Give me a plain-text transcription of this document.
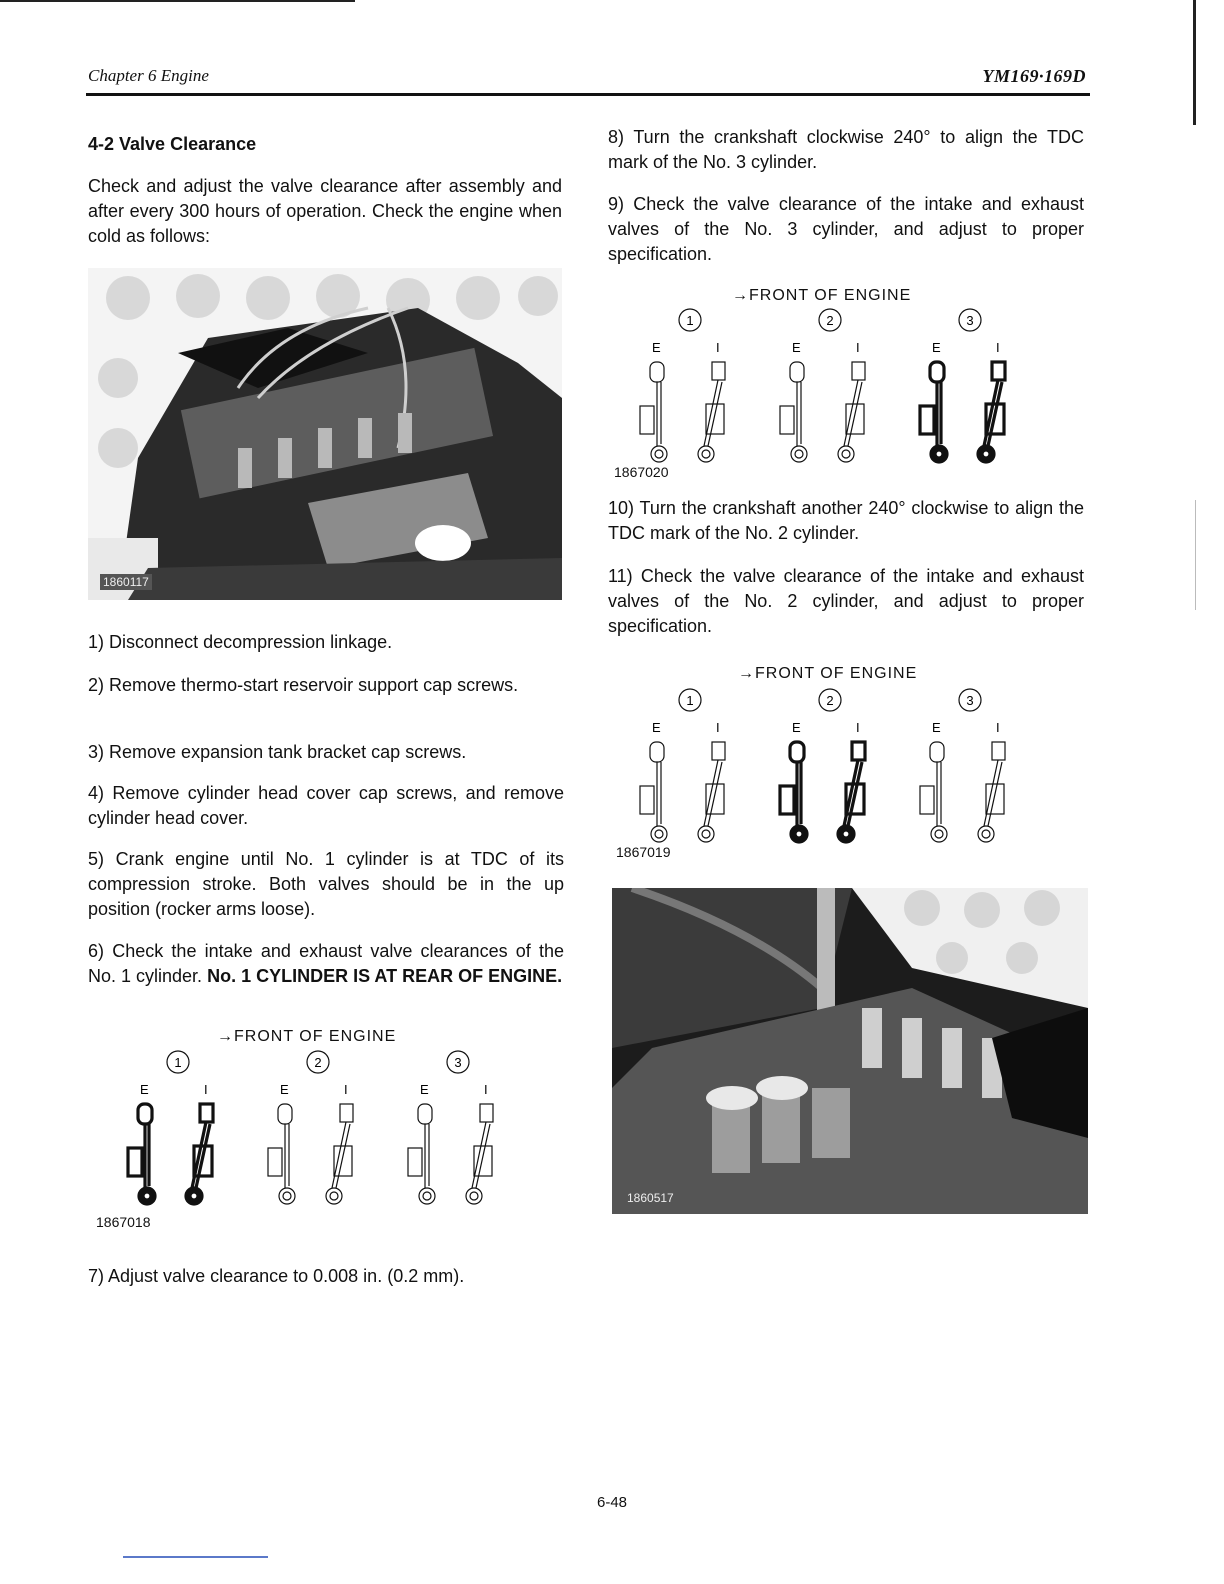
Chapter 6 Engine	YM169·169D
4-2 Valve Clearance

Check and adjust the valve clearance after assembly and after every 300 hours of operation. Check the engine when cold as follows:

1860117
1) Disconnect decompression linkage.
2) Remove thermo-start reservoir support cap screws.
3) Remove expansion tank bracket cap screws.
4) Remove cylinder head cover cap screws, and remove cylinder head cover.
5) Crank engine until No. 1 cylinder is at TDC of its compression stroke. Both valves should be in the up position (rocker arms loose).
6) Check the intake and exhaust valve clearances of the No. 1 cylinder. No. 1 CYLINDER IS AT REAR OF ENGINE.
→FRONT OF ENGINE
1
E	I
2
E	I
3
E	I
1867018
7) Adjust valve clearance to 0.008 in. (0.2 mm).
8) Turn the crankshaft clockwise 240° to align the TDC mark of the No. 3 cylinder.
9) Check the valve clearance of the intake and exhaust valves of the No. 3 cylinder, and adjust to proper specification.
→FRONT OF ENGINE
1
E	I
2
E	I
3
E	I
1867020
10) Turn the crankshaft another 240° clockwise to align the TDC mark of the No. 2 cylinder.
11) Check the valve clearance of the intake and exhaust valves of the No. 2 cylinder, and adjust to proper specification.
→FRONT OF ENGINE
1
E	I
2
E	I
3
E	I
1867019
1860517
6-48
